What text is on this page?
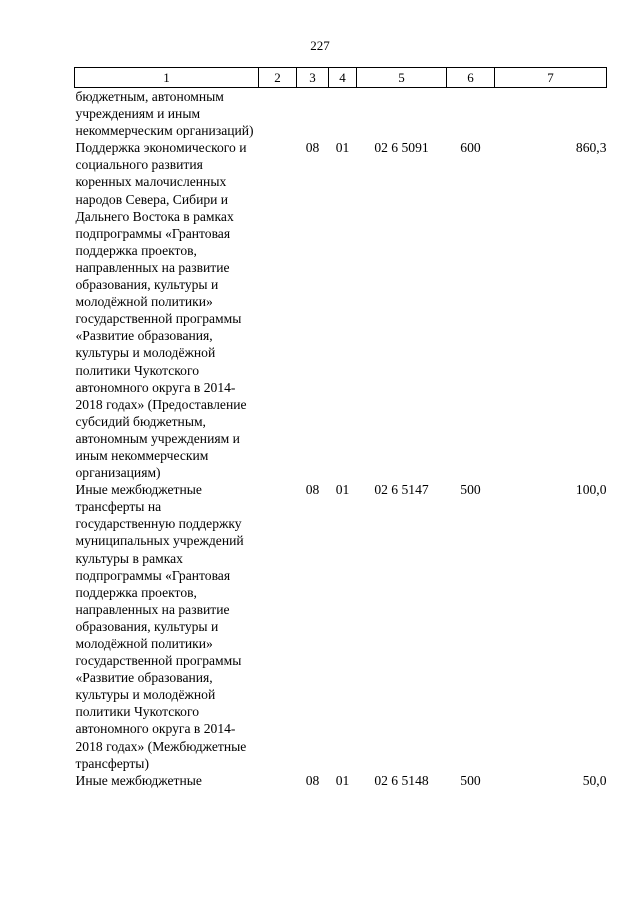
227
1	2	3	4	5	6	7
бюджетным, автономным учреждениям и иным некоммерческим организаций)						
Поддержка экономического и социального развития коренных малочисленных народов Севера, Сибири и Дальнего Востока в рамках подпрограммы «Грантовая поддержка проектов, направленных на развитие образования, культуры и молодёжной политики» государственной программы «Развитие образования, культуры и молодёжной политики Чукотского автономного округа в 2014-2018 годах» (Предоставление субсидий бюджетным, автономным учреждениям и иным некоммерческим организациям)		08	01	02 6 5091	600	860,3
Иные межбюджетные трансферты на государственную поддержку муниципальных учреждений культуры в рамках подпрограммы «Грантовая поддержка проектов, направленных на развитие образования, культуры и молодёжной политики» государственной программы «Развитие образования, культуры и молодёжной политики Чукотского автономного округа в 2014-2018 годах» (Межбюджетные трансферты)		08	01	02 6 5147	500	100,0
Иные межбюджетные		08	01	02 6 5148	500	50,0
